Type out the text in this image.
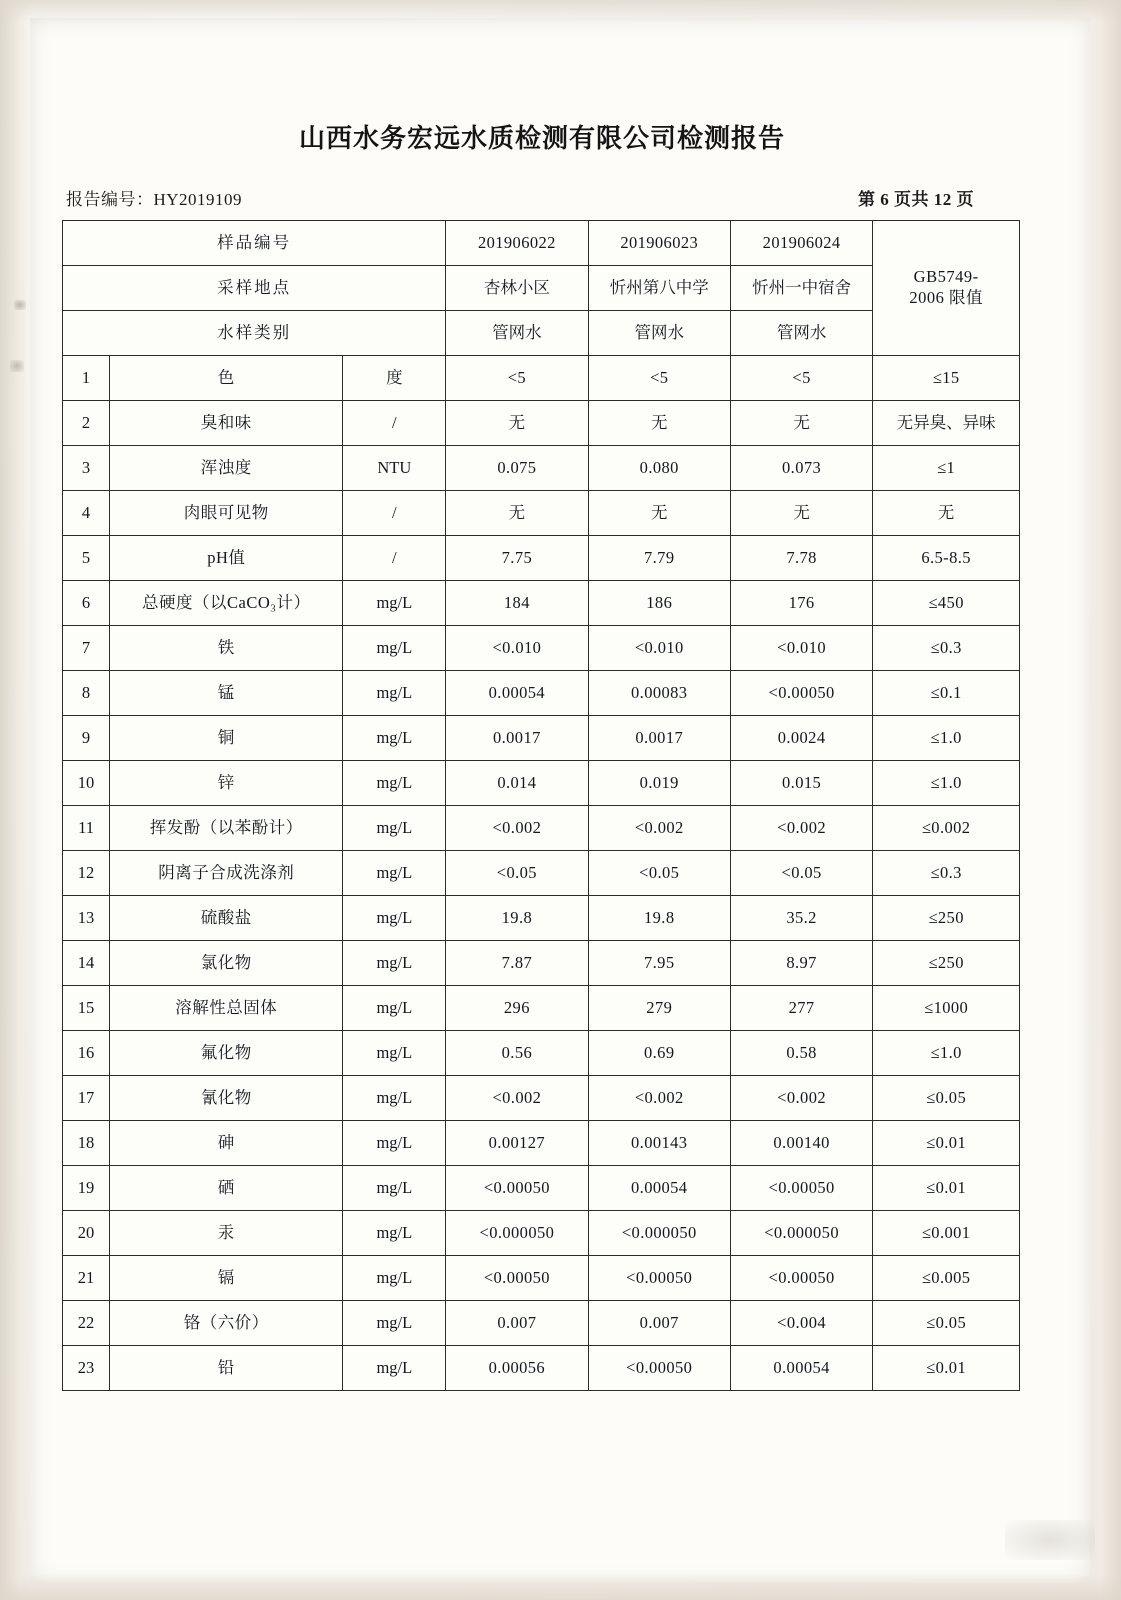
山西水务宏远水质检测有限公司检测报告
报告编号：HY2019109	第 6 页共 12 页
样品编号			201906022	201906023	201906024	GB5749-
2006 限值

采样地点			杏林小区	忻州第八中学	忻州一中宿舍	
水样类别			管网水	管网水	管网水	
1	色	度	<5	<5	<5	≤15
2	臭和味	/	无	无	无	无异臭、异味
3	浑浊度	NTU	0.075	0.080	0.073	≤1
4	肉眼可见物	/	无	无	无	无
5	pH值	/	7.75	7.79	7.78	6.5-8.5
6	总硬度（以CaCO₃计）	mg/L	184	186	176	≤450
7	铁	mg/L	<0.010	<0.010	<0.010	≤0.3
8	锰	mg/L	0.00054	0.00083	<0.00050	≤0.1
9	铜	mg/L	0.0017	0.0017	0.0024	≤1.0
10	锌	mg/L	0.014	0.019	0.015	≤1.0
11	挥发酚（以苯酚计）	mg/L	<0.002	<0.002	<0.002	≤0.002
12	阴离子合成洗涤剂	mg/L	<0.05	<0.05	<0.05	≤0.3
13	硫酸盐	mg/L	19.8	19.8	35.2	≤250
14	氯化物	mg/L	7.87	7.95	8.97	≤250
15	溶解性总固体	mg/L	296	279	277	≤1000
16	氟化物	mg/L	0.56	0.69	0.58	≤1.0
17	氰化物	mg/L	<0.002	<0.002	<0.002	≤0.05
18	砷	mg/L	0.00127	0.00143	0.00140	≤0.01
19	硒	mg/L	<0.00050	0.00054	<0.00050	≤0.01
20	汞	mg/L	<0.000050	<0.000050	<0.000050	≤0.001
21	镉	mg/L	<0.00050	<0.00050	<0.00050	≤0.005
22	铬（六价）	mg/L	0.007	0.007	<0.004	≤0.05
23	铅	mg/L	0.00056	<0.00050	0.00054	≤0.01
